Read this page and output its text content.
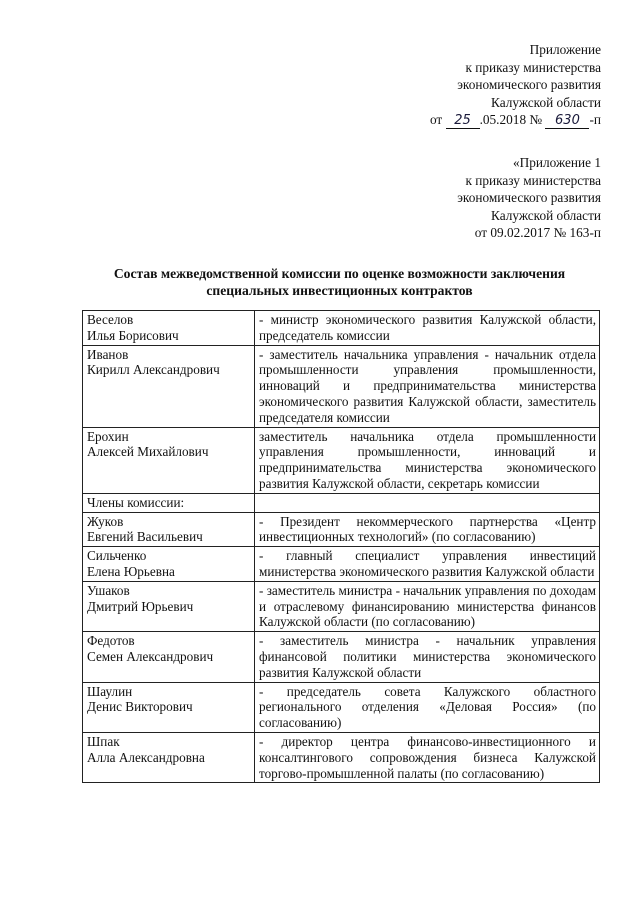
Приложение
к приказу министерства
экономического развития
Калужской области
от 25 .05.2018 № 630 -п
«Приложение 1
к приказу министерства
экономического развития
Калужской области
от 09.02.2017 № 163-п
Состав межведомственной комиссии по оценке возможности заключения
специальных инвестиционных контрактов
Веселов
Илья Борисович	- министр экономического развития Калужской области, председатель комиссии

Иванов
Кирилл Александрович	- заместитель начальника управления - начальник отдела промышленности управления промышленности, инноваций и предпринимательства министерства экономического развития Калужской области, заместитель председателя комиссии

Ерохин
Алексей Михайлович	заместитель начальника отдела промышленности управления промышленности, инноваций и предпринимательства министерства экономического развития Калужской области, секретарь комиссии
Члены комиссии:	

Жуков
Евгений Васильевич	- Президент некоммерческого партнерства «Центр инвестиционных технологий» (по согласованию)

Сильченко
Елена Юрьевна	- главный специалист управления инвестиций министерства экономического развития Калужской области

Ушаков
Дмитрий Юрьевич	- заместитель министра - начальник управления по доходам и отраслевому финансированию министерства финансов Калужской области (по согласованию)

Федотов
Семен Александрович	- заместитель министра - начальник управления финансовой политики министерства экономического развития Калужской области

Шаулин
Денис Викторович	- председатель совета Калужского областного регионального отделения «Деловая Россия» (по согласованию)

Шпак
Алла Александровна	- директор центра финансово-инвестиционного и консалтингового сопровождения бизнеса Калужской торгово-промышленной палаты (по согласованию)
